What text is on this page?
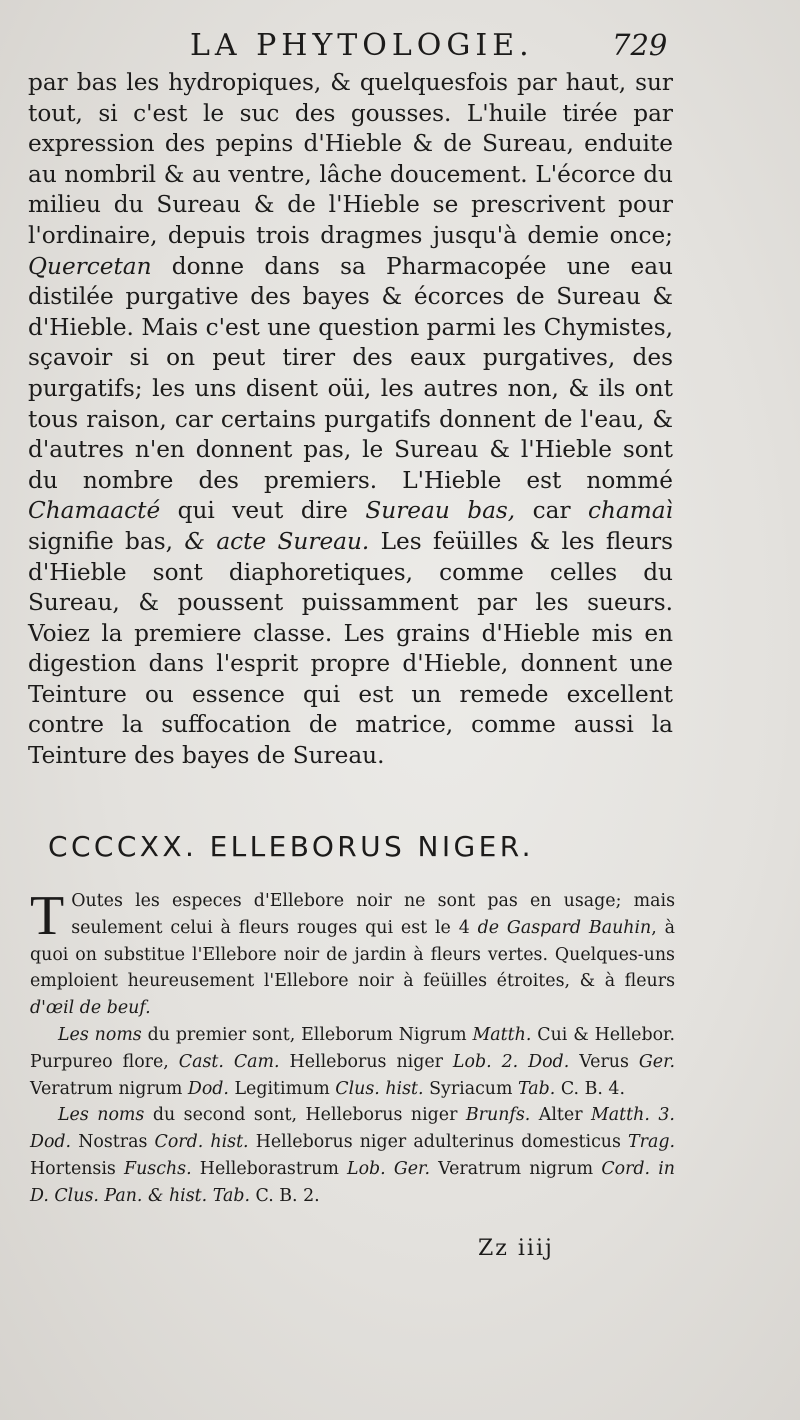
LA PHYTOLOGIE.	729

par bas les hydropiques, & quelquesfois par haut, sur tout, si c'est le suc des gousses. L'huile tirée par expression des pepins d'Hieble & de Sureau, enduite au nombril & au ventre, lâche doucement. L'écorce du milieu du Sureau & de l'Hieble se prescrivent pour l'ordinaire, depuis trois dragmes jusqu'à demie once; Quercetan donne dans sa Pharmacopée une eau distilée purgative des bayes & écorces de Sureau & d'Hieble. Mais c'est une question parmi les Chymistes, sçavoir si on peut tirer des eaux purgatives, des purgatifs; les uns disent oüi, les autres non, & ils ont tous raison, car certains purgatifs donnent de l'eau, & d'autres n'en donnent pas, le Sureau & l'Hieble sont du nombre des premiers. L'Hieble est nommé Chamaacté qui veut dire Sureau bas, car chamaì signifie bas, & acte Sureau. Les feüilles & les fleurs d'Hieble sont diaphoretiques, comme celles du Sureau, & poussent puissamment par les sueurs. Voiez la premiere classe. Les grains d'Hieble mis en digestion dans l'esprit propre d'Hieble, donnent une Teinture ou essence qui est un remede excellent contre la suffocation de matrice, comme aussi la Teinture des bayes de Sureau.

CCCCXX. ELLEBORUS NIGER.

T Outes les especes d'Ellebore noir ne sont pas en usage; mais seulement celui à fleurs rouges qui est le 4 de Gaspard Bauhin, à quoi on substitue l'Ellebore noir de jardin à fleurs vertes. Quelques-uns emploient heureusement l'Ellebore noir à feüilles étroites, & à fleurs d'œil de beuf.

Les noms du premier sont, Elleborum Nigrum Matth. Cui & Hellebor. Purpureo flore, Cast. Cam. Helleborus niger Lob. 2. Dod. Verus Ger. Veratrum nigrum Dod. Legitimum Clus. hist. Syriacum Tab. C. B. 4.

Les noms du second sont, Helleborus niger Brunfs. Alter Matth. 3. Dod. Nostras Cord. hist. Helleborus niger adulterinus domesticus Trag. Hortensis Fuschs. Helleborastrum Lob. Ger. Veratrum nigrum Cord. in D. Clus. Pan. & hist. Tab. C. B. 2.

Zz iiij
